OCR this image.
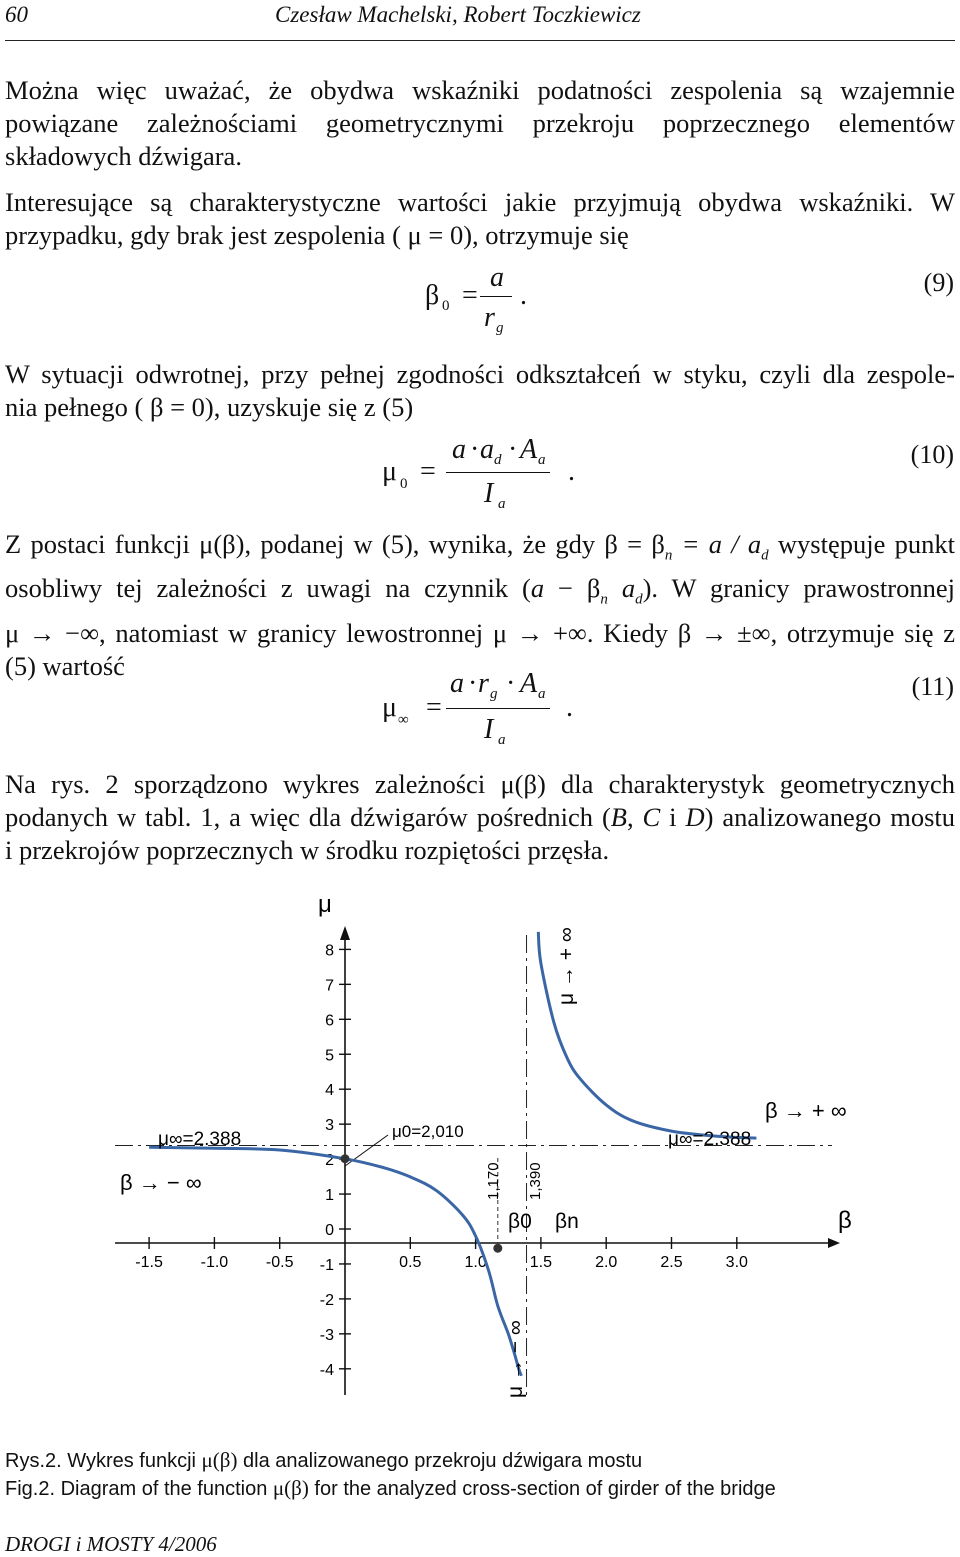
60	Czesław Machelski, Robert Toczkiewicz

Można więc uważać, że obydwa wskaźniki podatności zespolenia są wzajemnie
powiązane zależnościami geometrycznymi przekroju poprzecznego elementów
składowych dźwigara.

Interesujące są charakterystyczne wartości jakie przyjmują obydwa wskaźniki. W
przypadku, gdy brak jest zespolenia ( μ = 0), otrzymuje się

β 0 =
a
r g
.	(9)

W sytuacji odwrotnej, przy pełnej zgodności odkształceń w styku, czyli dla zespole-
nia pełnego ( β = 0), uzyskuje się z (5)

μ 0 =
a · a d · A a
I a
.
(10)

Z postaci funkcji μ(β), podanej w (5), wynika, że gdy $\beta = \beta_n = a / a_d$ występuje punkt
osobliwy tej zależności z uwagi na czynnik ($a - \beta_n$ $a_d$). W granicy prawostronnej
μ → −∞, natomiast w granicy lewostronnej μ → +∞. Kiedy β → ±∞, otrzymuje się z
(5) wartość

μ ∞ =
a · r g · A a
I a
.
(11)

Na rys. 2 sporządzono wykres zależności μ(β) dla charakterystyk geometrycznych
podanych w tabl. 1, a więc dla dźwigarów pośrednich (B, C i D) analizowanego mostu
i przekrojów poprzecznych w środku rozpiętości przęsła.

8
7
6
5
4
3
2
1
0
-1
-2
-3
-4
-1.5 -1.0 -0.5	0.5	1.0	1.5	2.0	2.5	3.0
μ
β
μ∞=2.388	μ∞=2.388
μ0=2,010
β → − ∞
β → + ∞
β0 βn
1,170 1,390
μ → + ∞
μ → − ∞
Rys.2. Wykres funkcji μ(β) dla analizowanego przekroju dźwigara mostu
Fig.2. Diagram of the function μ(β) for the analyzed cross-section of girder of the bridge
DROGI i MOSTY 4/2006
